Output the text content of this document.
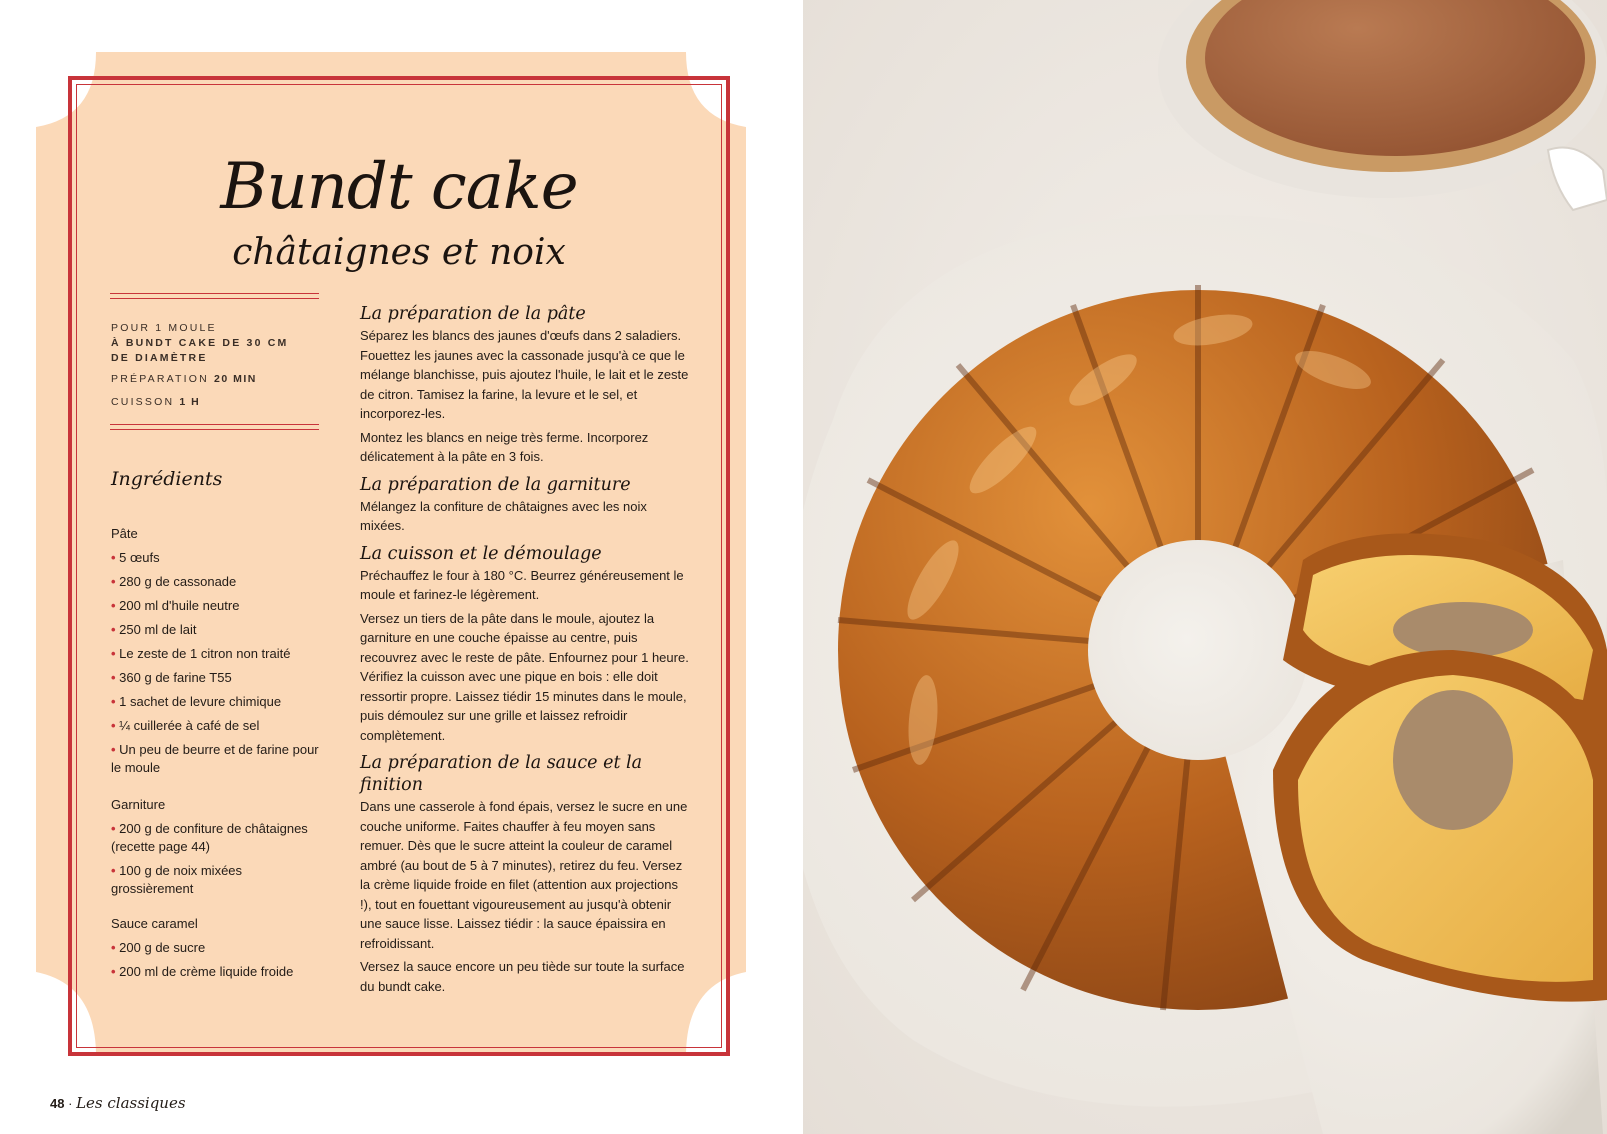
Bundt cake
châtaignes et noix
POUR 1 MOULE
À BUNDT CAKE DE 30 CM
DE DIAMÈTRE
PRÉPARATION 20 MIN
CUISSON 1 H
Ingrédients
Pâte
• 5 œufs
• 280 g de cassonade
• 200 ml d'huile neutre
• 250 ml de lait
• Le zeste de 1 citron non traité
• 360 g de farine T55
• 1 sachet de levure chimique
• ¼ cuillerée à café de sel
• Un peu de beurre et de farine pour le moule
Garniture
• 200 g de confiture de châtaignes (recette page 44)
• 100 g de noix mixées grossièrement
Sauce caramel
• 200 g de sucre
• 200 ml de crème liquide froide
La préparation de la pâte

Séparez les blancs des jaunes d'œufs dans 2 saladiers. Fouettez les jaunes avec la cassonade jusqu'à ce que le mélange blanchisse, puis ajoutez l'huile, le lait et le zeste de citron. Tamisez la farine, la levure et le sel, et incorporez-les.

Montez les blancs en neige très ferme. Incorporez délicatement à la pâte en 3 fois.

La préparation de la garniture

Mélangez la confiture de châtaignes avec les noix mixées.

La cuisson et le démoulage

Préchauffez le four à 180 °C. Beurrez généreusement le moule et farinez-le légèrement.

Versez un tiers de la pâte dans le moule, ajoutez la garniture en une couche épaisse au centre, puis recouvrez avec le reste de pâte. Enfournez pour 1 heure. Vérifiez la cuisson avec une pique en bois : elle doit ressortir propre. Laissez tiédir 15 minutes dans le moule, puis démoulez sur une grille et laissez refroidir complètement.

La préparation de la sauce et la finition

Dans une casserole à fond épais, versez le sucre en une couche uniforme. Faites chauffer à feu moyen sans remuer. Dès que le sucre atteint la couleur de caramel ambré (au bout de 5 à 7 minutes), retirez du feu. Versez la crème liquide froide en filet (attention aux projections !), tout en fouettant vigoureusement au jusqu'à obtenir une sauce lisse. Laissez tiédir : la sauce épaissira en refroidissant.

Versez la sauce encore un peu tiède sur toute la surface du bundt cake.

48 · Les classiques
